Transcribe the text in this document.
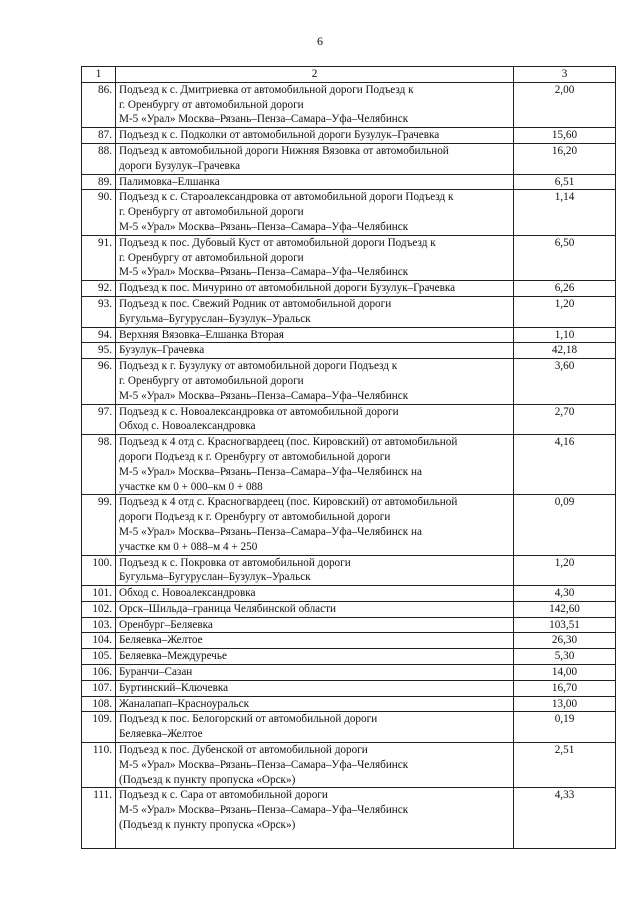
6
1	2	3
86.	Подъезд к с. Дмитриевка от автомобильной дороги Подъезд к
г. Оренбургу от автомобильной дороги
М-5 «Урал» Москва–Рязань–Пенза–Самара–Уфа–Челябинск	2,00
87.	Подъезд к с. Подколки от автомобильной дороги Бузулук–Грачевка	15,60
88.	Подъезд к автомобильной дороги Нижняя Вязовка от автомобильной
дороги Бузулук–Грачевка	16,20
89.	Палимовка–Елшанка	6,51
90.	Подъезд к с. Староалександровка от автомобильной дороги Подъезд к
г. Оренбургу от автомобильной дороги
М-5 «Урал» Москва–Рязань–Пенза–Самара–Уфа–Челябинск	1,14
91.	Подъезд к пос. Дубовый Куст от автомобильной дороги Подъезд к
г. Оренбургу от автомобильной дороги
М-5 «Урал» Москва–Рязань–Пенза–Самара–Уфа–Челябинск	6,50
92.	Подъезд к пос. Мичурино от автомобильной дороги Бузулук–Грачевка	6,26
93.	Подъезд к пос. Свежий Родник от автомобильной дороги
Бугульма–Бугуруслан–Бузулук–Уральск	1,20
94.	Верхняя Вязовка–Елшанка Вторая	1,10
95.	Бузулук–Грачевка	42,18
96.	Подъезд к г. Бузулуку от автомобильной дороги Подъезд к
г. Оренбургу от автомобильной дороги
М-5 «Урал» Москва–Рязань–Пенза–Самара–Уфа–Челябинск	3,60
97.	Подъезд к с. Новоалександровка от автомобильной дороги
Обход с. Новоалександровка	2,70
98.	Подъезд к 4 отд с. Красногвардеец (пос. Кировский) от автомобильной
дороги Подъезд к г. Оренбургу от автомобильной дороги
М-5 «Урал» Москва–Рязань–Пенза–Самара–Уфа–Челябинск на
участке км 0 + 000–км 0 + 088	4,16
99.	Подъезд к 4 отд с. Красногвардеец (пос. Кировский) от автомобильной
дороги Подъезд к г. Оренбургу от автомобильной дороги
М-5 «Урал» Москва–Рязань–Пенза–Самара–Уфа–Челябинск на
участке км 0 + 088–м 4 + 250	0,09
100.	Подъезд к с. Покровка от автомобильной дороги
Бугульма–Бугуруслан–Бузулук–Уральск	1,20
101.	Обход с. Новоалександровка	4,30
102.	Орск–Шильда–граница Челябинской области	142,60
103.	Оренбург–Беляевка	103,51
104.	Беляевка–Желтое	26,30
105.	Беляевка–Междуречье	5,30
106.	Буранчи–Сазан	14,00
107.	Буртинский–Ключевка	16,70
108.	Жаналапап–Красноуральск	13,00
109.	Подъезд к пос. Белогорский от автомобильной дороги
Беляевка–Желтое	0,19
110.	Подъезд к пос. Дубенской от автомобильной дороги
М-5 «Урал» Москва–Рязань–Пенза–Самара–Уфа–Челябинск
(Подъезд к пункту пропуска «Орск»)	2,51
111.	Подъезд к с. Сара от автомобильной дороги
М-5 «Урал» Москва–Рязань–Пенза–Самара–Уфа–Челябинск
(Подъезд к пункту пропуска «Орск»)	4,33
